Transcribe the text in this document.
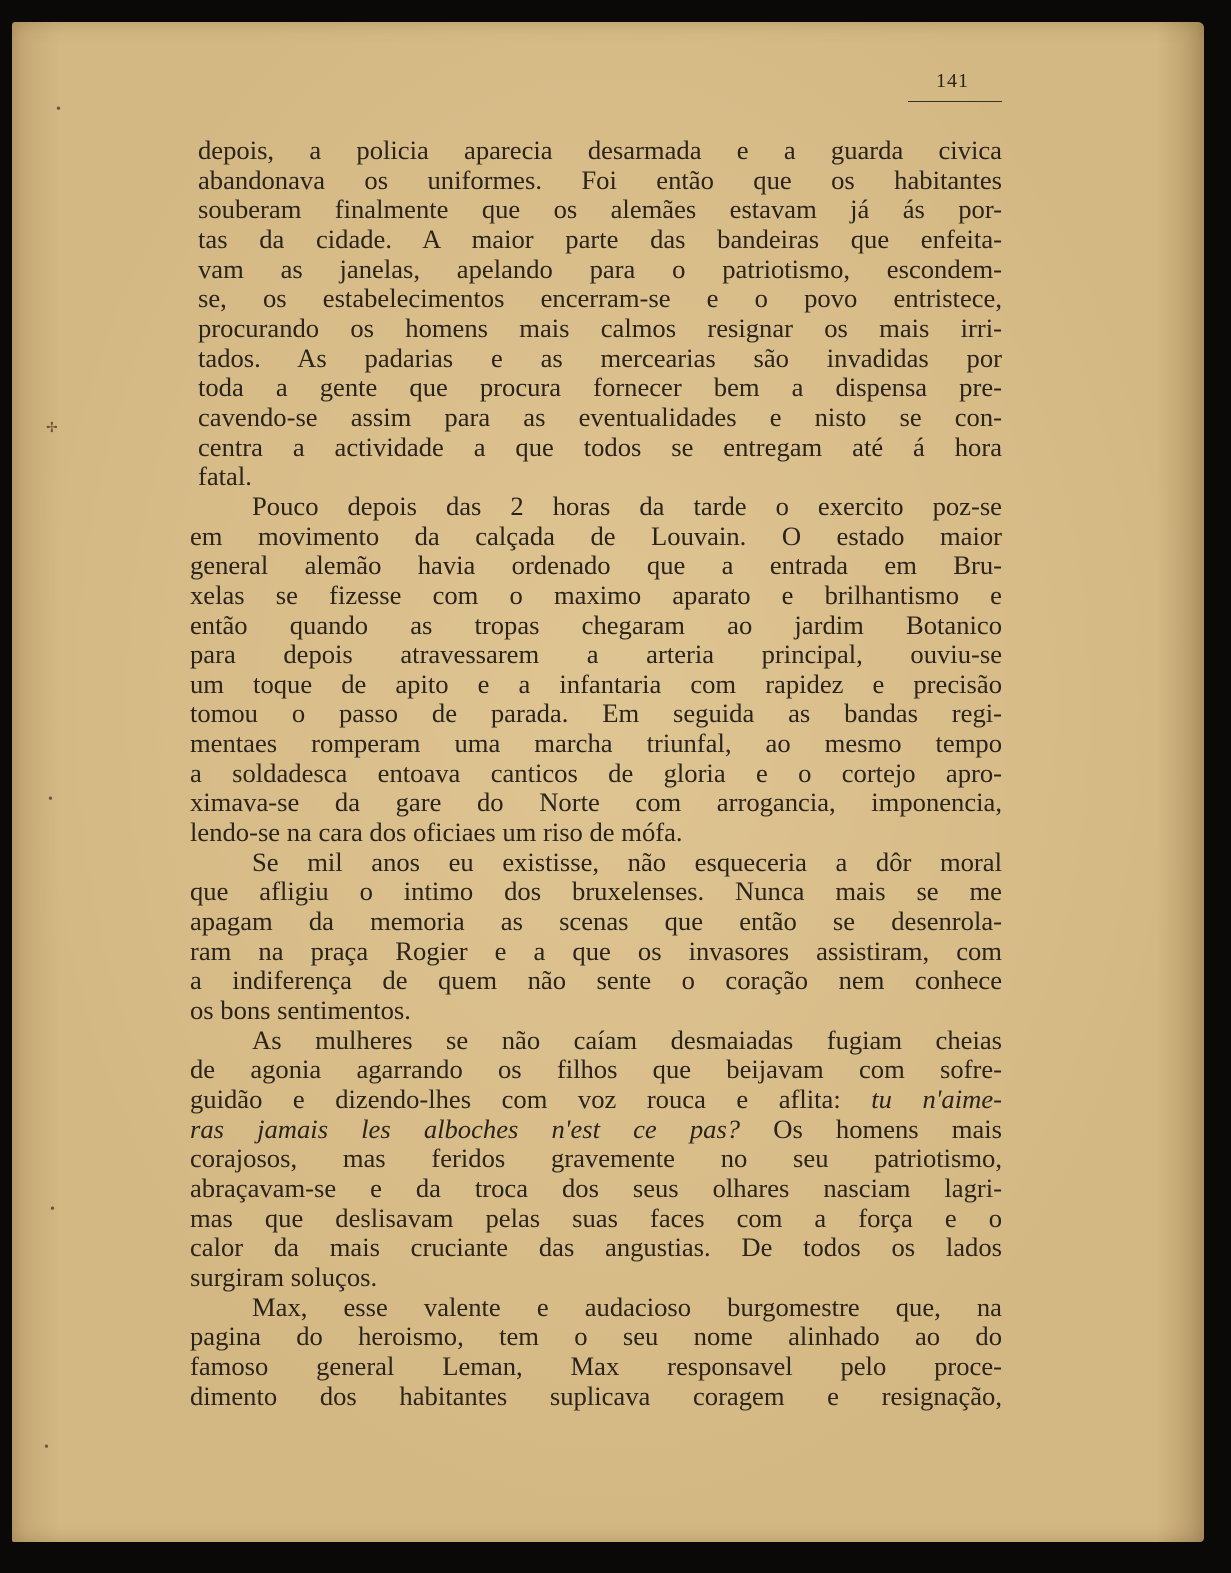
141
depois, a policia aparecia desarmada e a guarda civica
abandonava os uniformes. Foi então que os habitantes
souberam finalmente que os alemães estavam já ás por-
tas da cidade. A maior parte das bandeiras que enfeita-
vam as janelas, apelando para o patriotismo, escondem-
se, os estabelecimentos encerram-se e o povo entristece,
procurando os homens mais calmos resignar os mais irri-
tados. As padarias e as mercearias são invadidas por
toda a gente que procura fornecer bem a dispensa pre-
cavendo-se assim para as eventualidades e nisto se con-
centra a actividade a que todos se entregam até á hora
fatal.
Pouco depois das 2 horas da tarde o exercito poz-se
em movimento da calçada de Louvain. O estado maior
general alemão havia ordenado que a entrada em Bru-
xelas se fizesse com o maximo aparato e brilhantismo e
então quando as tropas chegaram ao jardim Botanico
para depois atravessarem a arteria principal, ouviu-se
um toque de apito e a infantaria com rapidez e precisão
tomou o passo de parada. Em seguida as bandas regi-
mentaes romperam uma marcha triunfal, ao mesmo tempo
a soldadesca entoava canticos de gloria e o cortejo apro-
ximava-se da gare do Norte com arrogancia, imponencia,
lendo-se na cara dos oficiaes um riso de mófa.
Se mil anos eu existisse, não esqueceria a dôr moral
que afligiu o intimo dos bruxelenses. Nunca mais se me
apagam da memoria as scenas que então se desenrola-
ram na praça Rogier e a que os invasores assistiram, com
a indiferença de quem não sente o coração nem conhece
os bons sentimentos.
As mulheres se não caíam desmaiadas fugiam cheias
de agonia agarrando os filhos que beijavam com sofre-
guidão e dizendo-lhes com voz rouca e aflita: tu n'aime-
ras jamais les alboches n'est ce pas? Os homens mais
corajosos, mas feridos gravemente no seu patriotismo,
abraçavam-se e da troca dos seus olhares nasciam lagri-
mas que deslisavam pelas suas faces com a força e o
calor da mais cruciante das angustias. De todos os lados
surgiram soluços.
Max, esse valente e audacioso burgomestre que, na
pagina do heroismo, tem o seu nome alinhado ao do
famoso general Leman, Max responsavel pelo proce-
dimento dos habitantes suplicava coragem e resignação,
•
✢
•
•
•
